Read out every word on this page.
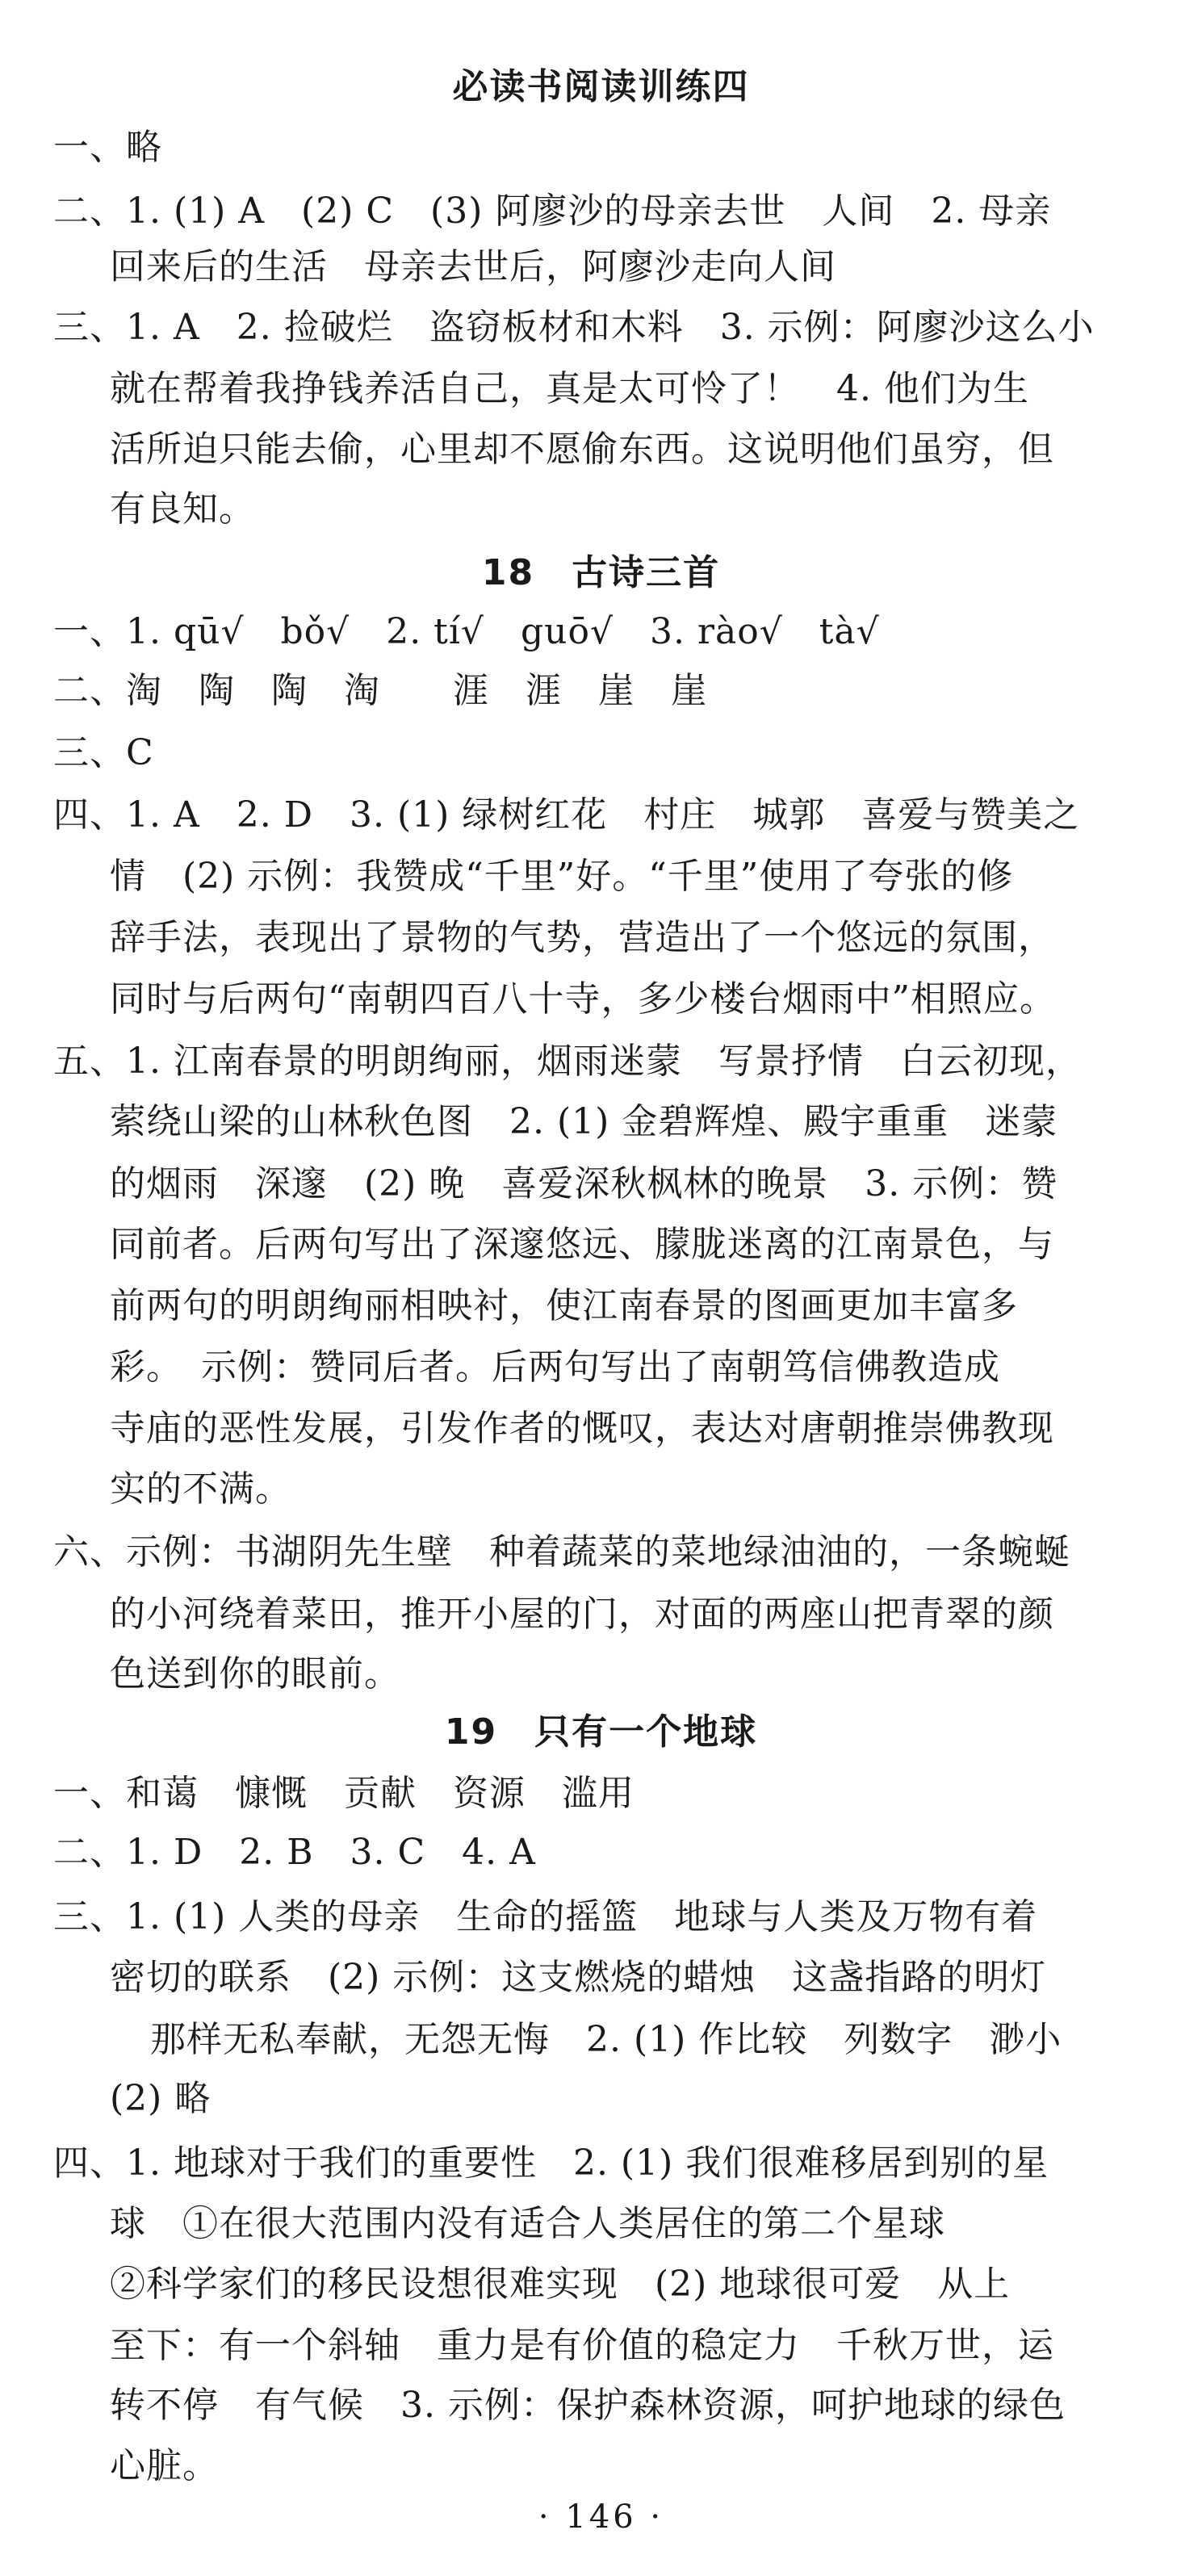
必读书阅读训练四
一、略
二、1. (1) A　(2) C　(3) 阿廖沙的母亲去世　人间　2. 母亲
回来后的生活　母亲去世后，阿廖沙走向人间
三、1. A　2. 捡破烂　盗窃板材和木料　3. 示例：阿廖沙这么小
就在帮着我挣钱养活自己，真是太可怜了！　4. 他们为生
活所迫只能去偷，心里却不愿偷东西。这说明他们虽穷，但
有良知。
18　古诗三首
一、1. qū√　bǒ√　2. tí√　guō√　3. rào√　tà√
二、淘　陶　陶　淘　　涯　涯　崖　崖
三、C
四、1. A　2. D　3. (1) 绿树红花　村庄　城郭　喜爱与赞美之
情　(2) 示例：我赞成“千里”好。“千里”使用了夸张的修
辞手法，表现出了景物的气势，营造出了一个悠远的氛围，
同时与后两句“南朝四百八十寺，多少楼台烟雨中”相照应。
五、1. 江南春景的明朗绚丽，烟雨迷蒙　写景抒情　白云初现，
萦绕山梁的山林秋色图　2. (1) 金碧辉煌、殿宇重重　迷蒙
的烟雨　深邃　(2) 晚　喜爱深秋枫林的晚景　3. 示例：赞
同前者。后两句写出了深邃悠远、朦胧迷离的江南景色，与
前两句的明朗绚丽相映衬，使江南春景的图画更加丰富多
彩。　示例：赞同后者。后两句写出了南朝笃信佛教造成
寺庙的恶性发展，引发作者的慨叹，表达对唐朝推崇佛教现
实的不满。
六、示例：书湖阴先生壁　种着蔬菜的菜地绿油油的，一条蜿蜒
的小河绕着菜田，推开小屋的门，对面的两座山把青翠的颜
色送到你的眼前。
19　只有一个地球
一、和蔼　慷慨　贡献　资源　滥用
二、1. D　2. B　3. C　4. A
三、1. (1) 人类的母亲　生命的摇篮　地球与人类及万物有着
密切的联系　(2) 示例：这支燃烧的蜡烛　这盏指路的明灯
那样无私奉献，无怨无悔　2. (1) 作比较　列数字　渺小
(2) 略
四、1. 地球对于我们的重要性　2. (1) 我们很难移居到别的星
球　①在很大范围内没有适合人类居住的第二个星球
②科学家们的移民设想很难实现　(2) 地球很可爱　从上
至下：有一个斜轴　重力是有价值的稳定力　千秋万世，运
转不停　有气候　3. 示例：保护森林资源，呵护地球的绿色
心脏。
· 146 ·
